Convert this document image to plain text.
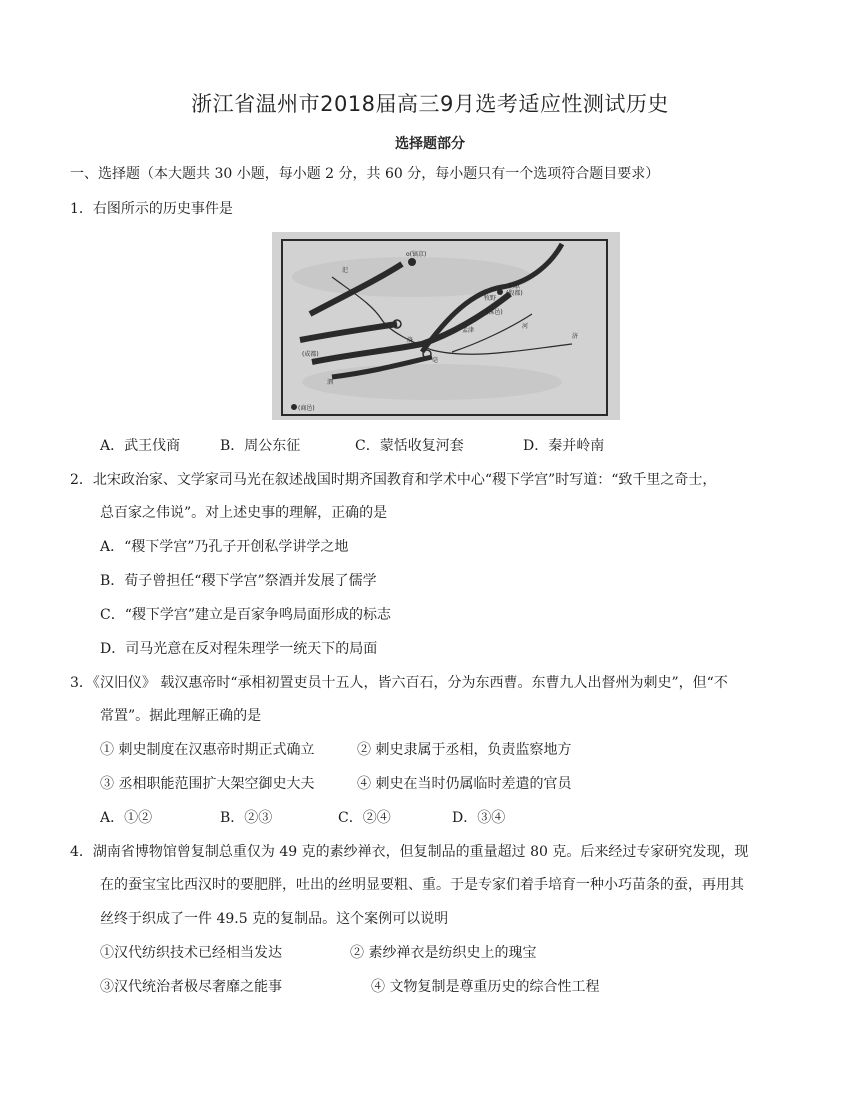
浙江省温州市2018届高三9月选考适应性测试历史
选择题部分
一、选择题（本大题共 30 小题，每小题 2 分，共 60 分，每小题只有一个选项符合题目要求）
1．右图所示的历史事件是
o(镐京)
朝歌
(殷都)
牧野
(沫邑)
河
汜
洛
孟津
(成都)
济
泗
亳
(商邑)
A．武王伐商	B．周公东征	C．蒙恬收复河套	D．秦并岭南
2．北宋政治家、文学家司马光在叙述战国时期齐国教育和学术中心“稷下学宫”时写道：“致千里之奇士，
总百家之伟说”。对上述史事的理解，正确的是
A．“稷下学宫”乃孔子开创私学讲学之地
B．荀子曾担任“稷下学宫”祭酒并发展了儒学
C．“稷下学宫”建立是百家争鸣局面形成的标志
D．司马光意在反对程朱理学一统天下的局面
3．《汉旧仪》 载汉惠帝时“承相初置吏员十五人，皆六百石，分为东西曹。东曹九人出督州为刺史”，但“不
常置”。据此理解正确的是
① 刺史制度在汉惠帝时期正式确立	② 刺史隶属于丞相，负责监察地方
③ 丞相职能范围扩大架空御史大夫	④ 刺史在当时仍属临时差遣的官员
A．①②	B．②③	C．②④	D．③④
4．湖南省博物馆曾复制总重仅为 49 克的素纱禅衣，但复制品的重量超过 80 克。后来经过专家研究发现，现
在的蚕宝宝比西汉时的要肥胖，吐出的丝明显要粗、重。于是专家们着手培育一种小巧苗条的蚕，再用其
丝终于织成了一件 49.5 克的复制品。这个案例可以说明
①汉代纺织技术已经相当发达	② 素纱禅衣是纺织史上的瑰宝
③汉代统治者极尽奢靡之能事	④ 文物复制是尊重历史的综合性工程
